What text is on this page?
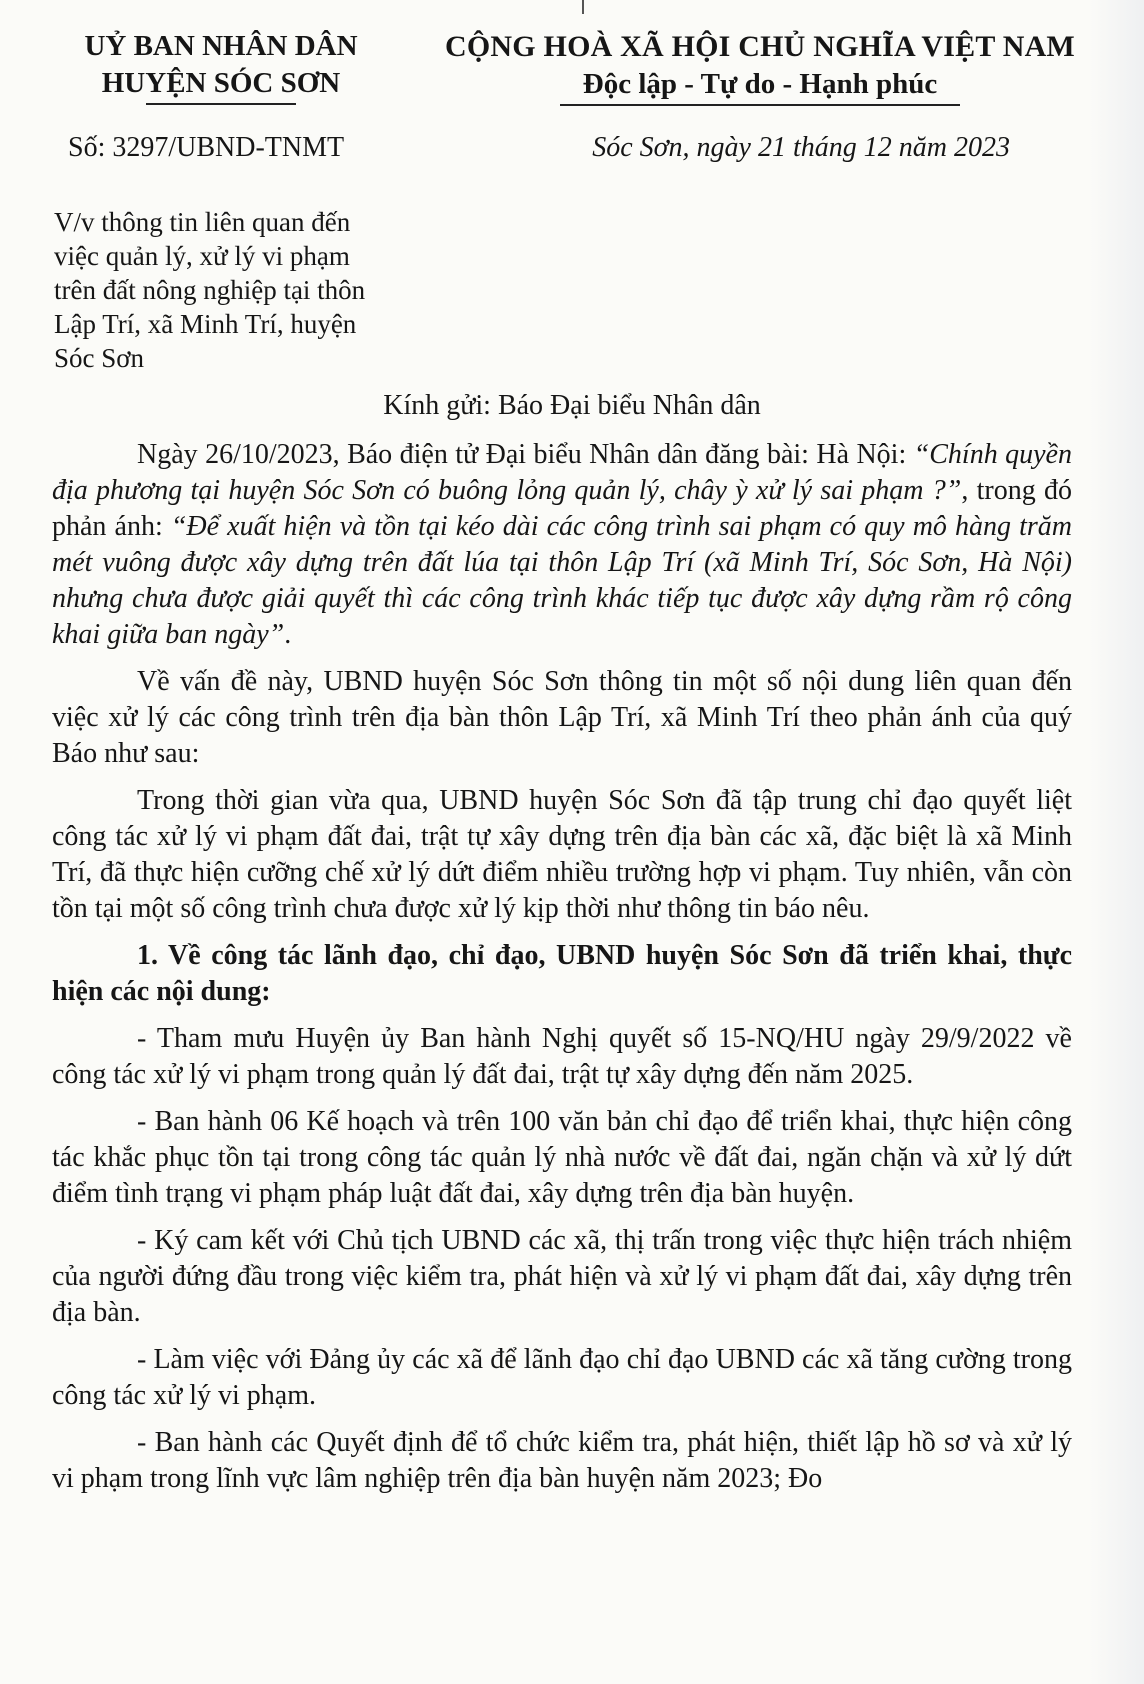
UỶ BAN NHÂN DÂN
HUYỆN SÓC SƠN
CỘNG HOÀ XÃ HỘI CHỦ NGHĨA VIỆT NAM
Độc lập - Tự do - Hạnh phúc
Số: 3297/UBND-TNMT	Sóc Sơn, ngày 21 tháng 12 năm 2023
V/v thông tin liên quan đến
việc quản lý, xử lý vi phạm
trên đất nông nghiệp tại thôn
Lập Trí, xã Minh Trí, huyện
Sóc Sơn
Kính gửi: Báo Đại biểu Nhân dân

Ngày 26/10/2023, Báo điện tử Đại biểu Nhân dân đăng bài: Hà Nội: “Chính quyền địa phương tại huyện Sóc Sơn có buông lỏng quản lý, chây ỳ xử lý sai phạm ?”, trong đó phản ánh: “Để xuất hiện và tồn tại kéo dài các công trình sai phạm có quy mô hàng trăm mét vuông được xây dựng trên đất lúa tại thôn Lập Trí (xã Minh Trí, Sóc Sơn, Hà Nội) nhưng chưa được giải quyết thì các công trình khác tiếp tục được xây dựng rầm rộ công khai giữa ban ngày”.

Về vấn đề này, UBND huyện Sóc Sơn thông tin một số nội dung liên quan đến việc xử lý các công trình trên địa bàn thôn Lập Trí, xã Minh Trí theo phản ánh của quý Báo như sau:

Trong thời gian vừa qua, UBND huyện Sóc Sơn đã tập trung chỉ đạo quyết liệt công tác xử lý vi phạm đất đai, trật tự xây dựng trên địa bàn các xã, đặc biệt là xã Minh Trí, đã thực hiện cưỡng chế xử lý dứt điểm nhiều trường hợp vi phạm. Tuy nhiên, vẫn còn tồn tại một số công trình chưa được xử lý kịp thời như thông tin báo nêu.

1. Về công tác lãnh đạo, chỉ đạo, UBND huyện Sóc Sơn đã triển khai, thực hiện các nội dung:

- Tham mưu Huyện ủy Ban hành Nghị quyết số 15-NQ/HU ngày 29/9/2022 về công tác xử lý vi phạm trong quản lý đất đai, trật tự xây dựng đến năm 2025.

- Ban hành 06 Kế hoạch và trên 100 văn bản chỉ đạo để triển khai, thực hiện công tác khắc phục tồn tại trong công tác quản lý nhà nước về đất đai, ngăn chặn và xử lý dứt điểm tình trạng vi phạm pháp luật đất đai, xây dựng trên địa bàn huyện.

- Ký cam kết với Chủ tịch UBND các xã, thị trấn trong việc thực hiện trách nhiệm của người đứng đầu trong việc kiểm tra, phát hiện và xử lý vi phạm đất đai, xây dựng trên địa bàn.

- Làm việc với Đảng ủy các xã để lãnh đạo chỉ đạo UBND các xã tăng cường trong công tác xử lý vi phạm.

- Ban hành các Quyết định để tổ chức kiểm tra, phát hiện, thiết lập hồ sơ và xử lý vi phạm trong lĩnh vực lâm nghiệp trên địa bàn huyện năm 2023; Đo
